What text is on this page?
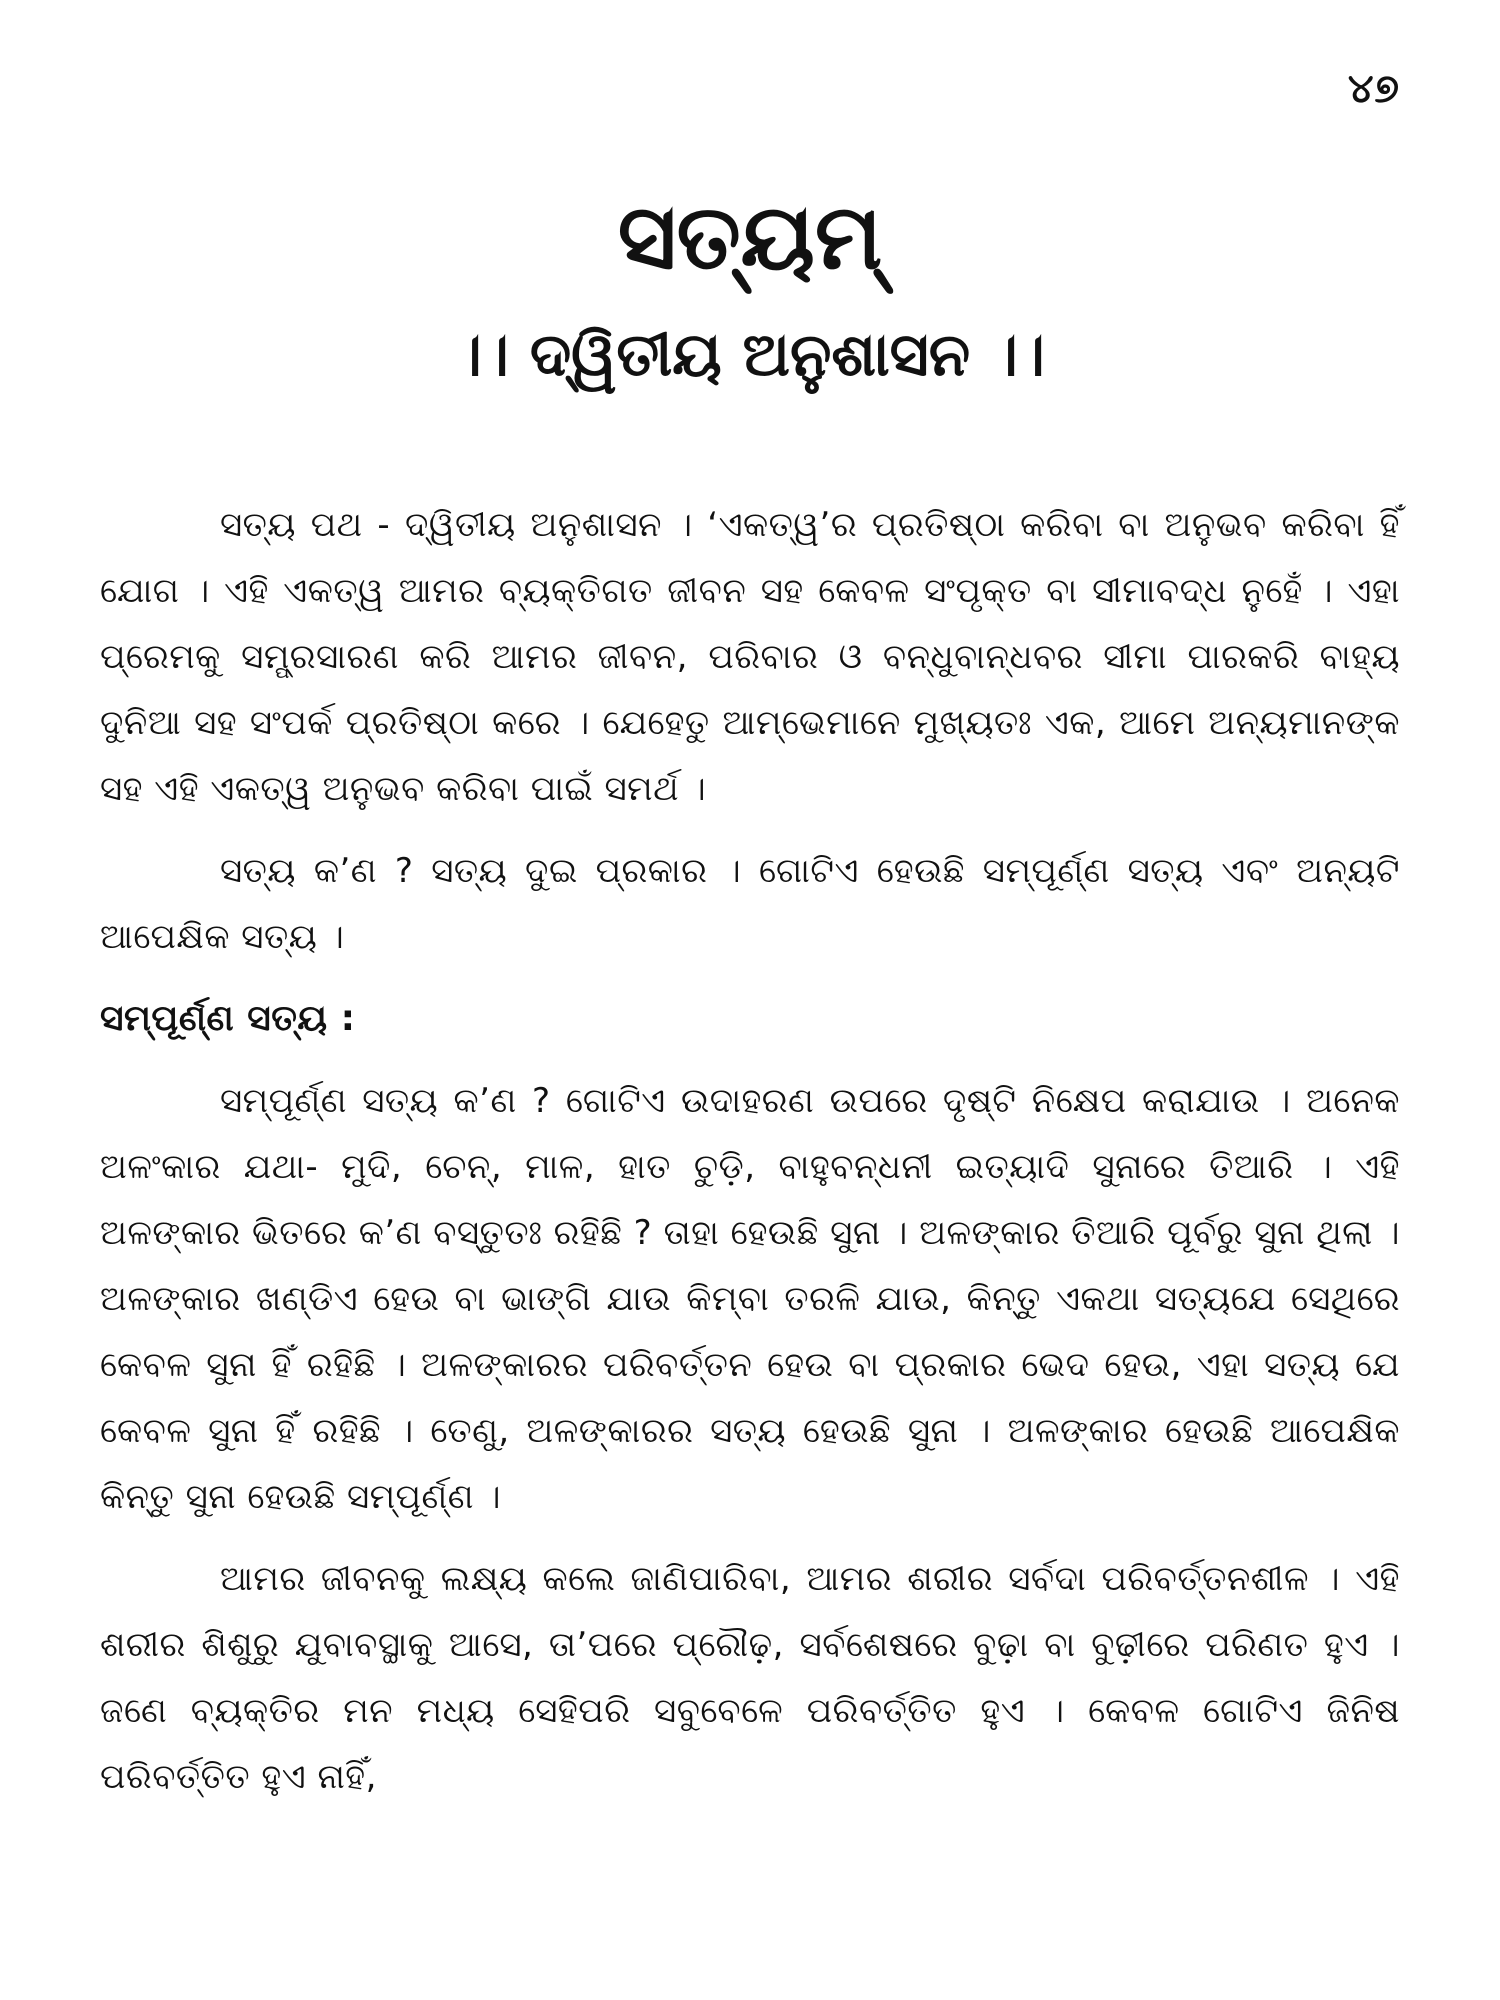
୪୭
ସତ୍ୟମ୍
।। ଦ୍ୱିତୀୟ ଅନୁଶାସନ ।।

ସତ୍ୟ ପଥ - ଦ୍ୱିତୀୟ ଅନୁଶାସନ । ‘ଏକତ୍ୱ’ର ପ୍ରତିଷ୍ଠା କରିବା ବା ଅନୁଭବ କରିବା ହିଁ ଯୋଗ । ଏହି ଏକତ୍ୱ ଆମର ବ୍ୟକ୍ତିଗତ ଜୀବନ ସହ କେବଳ ସଂପୃକ୍ତ ବା ସୀମାବଦ୍ଧ ନୁହେଁ । ଏହା ପ୍ରେମକୁ ସମ୍ପ୍ରସାରଣ କରି ଆମର ଜୀବନ, ପରିବାର ଓ ବନ୍ଧୁବାନ୍ଧବର ସୀମା ପାରକରି ବାହ୍ୟ ଦୁନିଆ ସହ ସଂପର୍କ ପ୍ରତିଷ୍ଠା କରେ । ଯେହେତୁ ଆମ୍ଭେମାନେ ମୁଖ୍ୟତଃ ଏକ, ଆମେ ଅନ୍ୟମାନଙ୍କ ସହ ଏହି ଏକତ୍ୱ ଅନୁଭବ କରିବା ପାଇଁ ସମର୍ଥ ।

ସତ୍ୟ କ’ଣ ? ସତ୍ୟ ଦୁଇ ପ୍ରକାର । ଗୋଟିଏ ହେଉଛି ସମ୍ପୂର୍ଣ୍ଣ ସତ୍ୟ ଏବଂ ଅନ୍ୟଟି ଆପେକ୍ଷିକ ସତ୍ୟ ।

ସମ୍ପୂର୍ଣ୍ଣ ସତ୍ୟ :

ସମ୍ପୂର୍ଣ୍ଣ ସତ୍ୟ କ’ଣ ? ଗୋଟିଏ ଉଦାହରଣ ଉପରେ ଦୃଷ୍ଟି ନିକ୍ଷେପ କରାଯାଉ । ଅନେକ ଅଳଂକାର ଯଥା- ମୁଦି, ଚେନ୍, ମାଳ, ହାତ ଚୁଡ଼ି, ବାହୁବନ୍ଧନୀ ଇତ୍ୟାଦି ସୁନାରେ ତିଆରି । ଏହି ଅଳଙ୍କାର ଭିତରେ କ’ଣ ବସ୍ତୁତଃ ରହିଛି ? ତାହା ହେଉଛି ସୁନା । ଅଳଙ୍କାର ତିଆରି ପୂର୍ବରୁ ସୁନା ଥିଲା । ଅଳଙ୍କାର ଖଣ୍ଡିଏ ହେଉ ବା ଭାଙ୍ଗି ଯାଉ କିମ୍ବା ତରଳି ଯାଉ, କିନ୍ତୁ ଏକଥା ସତ୍ୟଯେ ସେଥିରେ କେବଳ ସୁନା ହିଁ ରହିଛି । ଅଳଙ୍କାରର ପରିବର୍ତ୍ତନ ହେଉ ବା ପ୍ରକାର ଭେଦ ହେଉ, ଏହା ସତ୍ୟ ଯେ କେବଳ ସୁନା ହିଁ ରହିଛି । ତେଣୁ, ଅଳଙ୍କାରର ସତ୍ୟ ହେଉଛି ସୁନା । ଅଳଙ୍କାର ହେଉଛି ଆପେକ୍ଷିକ କିନ୍ତୁ ସୁନା ହେଉଛି ସମ୍ପୂର୍ଣ୍ଣ ।

ଆମର ଜୀବନକୁ ଲକ୍ଷ୍ୟ କଲେ ଜାଣିପାରିବା, ଆମର ଶରୀର ସର୍ବଦା ପରିବର୍ତ୍ତନଶୀଳ । ଏହି ଶରୀର ଶିଶୁରୁ ଯୁବାବସ୍ଥାକୁ ଆସେ, ତା’ପରେ ପ୍ରୌଢ଼, ସର୍ବଶେଷରେ ବୁଢ଼ା ବା ବୁଢ଼ୀରେ ପରିଣତ ହୁଏ । ଜଣେ ବ୍ୟକ୍ତିର ମନ ମଧ୍ୟ ସେହିପରି ସବୁବେଳେ ପରିବର୍ତ୍ତିତ ହୁଏ । କେବଳ ଗୋଟିଏ ଜିନିଷ ପରିବର୍ତ୍ତିତ ହୁଏ ନାହିଁ,
